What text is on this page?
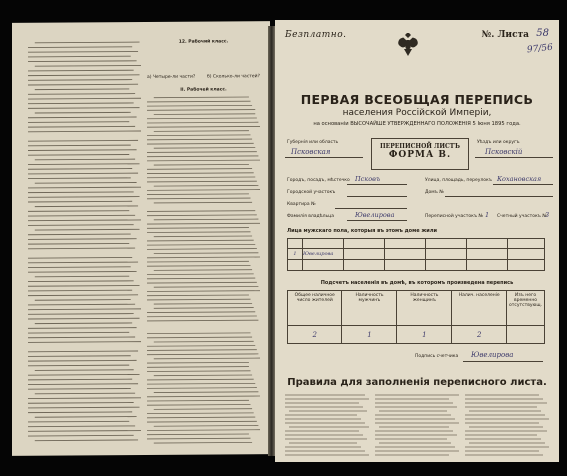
12. Рабочий класс.
а) Четыре-ли части?	б) Сколько-ли частей?
II. Рабочей класс.
Безплатно.	№. Листа 58
97/56
ПЕРВАЯ ВСЕОБЩАЯ ПЕРЕПИСЬ
населения Россійской Имперіи,
на основаніи ВЫСОЧАЙШЕ УТВЕРЖДЕННАГО ПОЛОЖЕНІЯ 5 Іюня 1895 года.
Губернія или область
Псковская
ПЕРЕПИСНОЙ ЛИСТЪ
ФОРМА В.
Уѣздъ или округъ
Псковскій
Городъ, посадъ, мѣстечко Псковъ	Улица, площадь, переулокъ Кохановская
Городской участокъ	Домъ №
Квартира №
Фамилія владѣльца	Ювелирова	Переписной участокъ № 1 Счетный участокъ №
3
Лица мужскаго пола, которыя въ этомъ доме жили

1	Ювелирова					

Подсчетъ населенія въ домѣ, въ которомъ произведена перепись
Общее наличное число жителей	Наличность мужчинъ	Наличность женщинъ	Налич. населеніе	Изъ него временно отсутствующ.
2	1	1	2	
Подпись счетчика Ювелирова
Правила для заполненія переписного листа.
